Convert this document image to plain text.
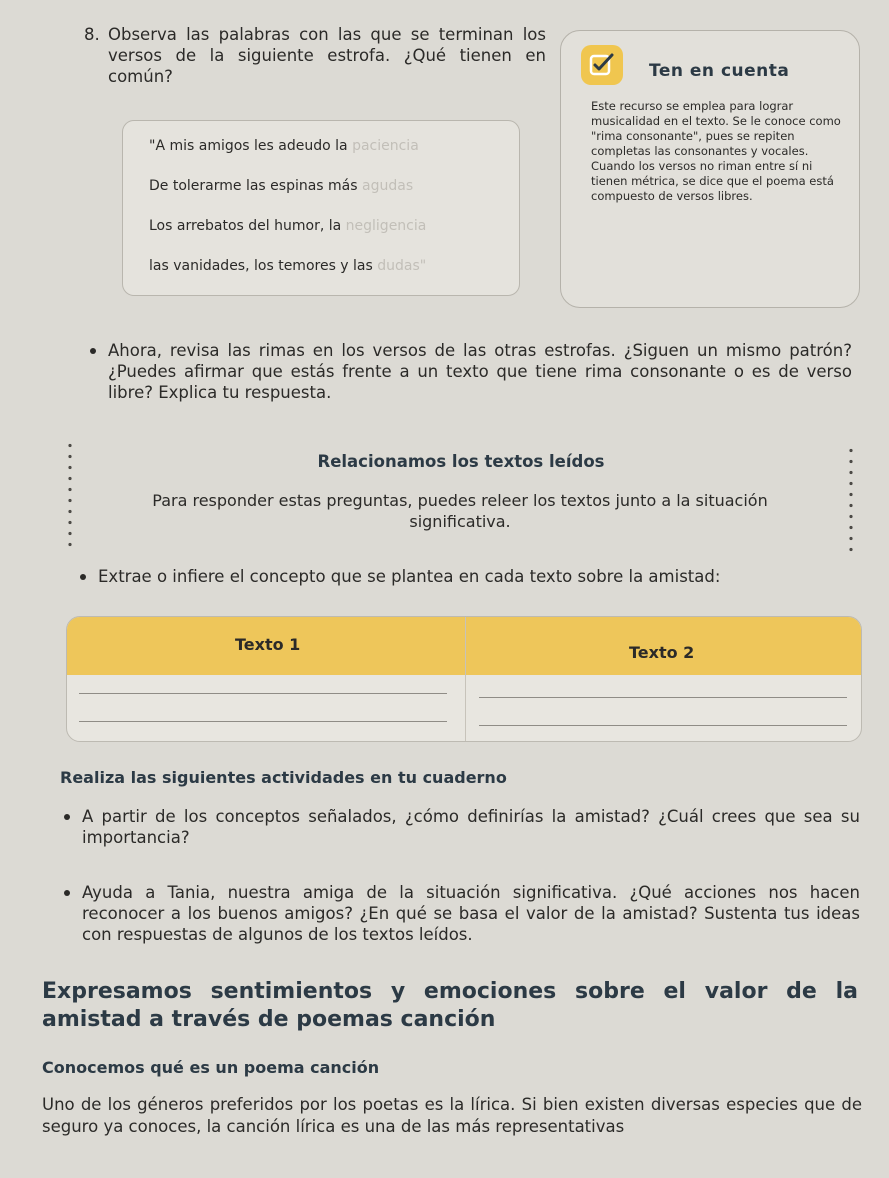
8. Observa las palabras con las que se terminan los versos de la siguiente estrofa. ¿Qué tienen en común?
"A mis amigos les adeudo la paciencia
De tolerarme las espinas más agudas
Los arrebatos del humor, la negligencia
las vanidades, los temores y las dudas"
Ten en cuenta
Este recurso se emplea para lograr musicalidad en el texto. Se le conoce como "rima consonante", pues se repiten completas las consonantes y vocales. Cuando los versos no riman entre sí ni tienen métrica, se dice que el poema está compuesto de versos libres.
Ahora, revisa las rimas en los versos de las otras estrofas. ¿Siguen un mismo patrón? ¿Puedes afirmar que estás frente a un texto que tiene rima consonante o es de verso libre? Explica tu respuesta.
Relacionamos los textos leídos
Para responder estas preguntas, puedes releer los textos junto a la situación significativa.
Extrae o infiere el concepto que se plantea en cada texto sobre la amistad:
Texto 1	Texto 2
Realiza las siguientes actividades en tu cuaderno
A partir de los conceptos señalados, ¿cómo definirías la amistad? ¿Cuál crees que sea su importancia?
Ayuda a Tania, nuestra amiga de la situación significativa. ¿Qué acciones nos hacen reconocer a los buenos amigos? ¿En qué se basa el valor de la amistad? Sustenta tus ideas con respuestas de algunos de los textos leídos.
Expresamos sentimientos y emociones sobre el valor de la amistad a través de poemas canción
Conocemos qué es un poema canción
Uno de los géneros preferidos por los poetas es la lírica. Si bien existen diversas especies que de seguro ya conoces, la canción lírica es una de las más representativas
